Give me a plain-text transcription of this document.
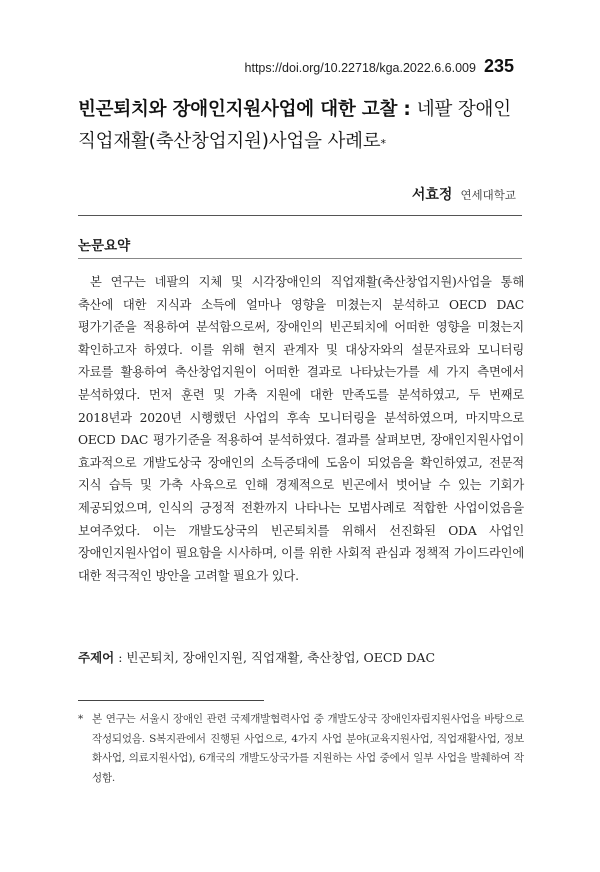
https://doi.org/10.22718/kga.2022.6.6.009 235
빈곤퇴치와 장애인지원사업에 대한 고찰 : 네팔 장애인
직업재활(축산창업지원)사업을 사례로*
서효정 연세대학교
논문요약

본 연구는 네팔의 지체 및 시각장애인의 직업재활(축산창업지원)사업을 통해 축산에 대한 지식과 소득에 얼마나 영향을 미쳤는지 분석하고 OECD DAC 평가기준을 적용하여 분석함으로써, 장애인의 빈곤퇴치에 어떠한 영향을 미쳤는지 확인하고자 하였다. 이를 위해 현지 관계자 및 대상자와의 설문자료와 모니터링 자료를 활용하여 축산창업지원이 어떠한 결과로 나타났는가를 세 가지 측면에서 분석하였다. 먼저 훈련 및 가축 지원에 대한 만족도를 분석하였고, 두 번째로 2018년과 2020년 시행했던 사업의 후속 모니터링을 분석하였으며, 마지막으로 OECD DAC 평가기준을 적용하여 분석하였다. 결과를 살펴보면, 장애인지원사업이 효과적으로 개발도상국 장애인의 소득증대에 도움이 되었음을 확인하였고, 전문적 지식 습득 및 가축 사육으로 인해 경제적으로 빈곤에서 벗어날 수 있는 기회가 제공되었으며, 인식의 긍정적 전환까지 나타나는 모범사례로 적합한 사업이었음을 보여주었다. 이는 개발도상국의 빈곤퇴치를 위해서 선진화된 ODA 사업인 장애인지원사업이 필요함을 시사하며, 이를 위한 사회적 관심과 정책적 가이드라인에 대한 적극적인 방안을 고려할 필요가 있다.

주제어 : 빈곤퇴치, 장애인지원, 직업재활, 축산창업, OECD DAC
* 본 연구는 서울시 장애인 관련 국제개발협력사업 중 개발도상국 장애인자립지원사업을 바탕으로 작성되었음. S복지관에서 진행된 사업으로, 4가지 사업 분야(교육지원사업, 직업재활사업, 정보화사업, 의료지원사업), 6개국의 개발도상국가를 지원하는 사업 중에서 일부 사업을 발췌하여 작성함.
